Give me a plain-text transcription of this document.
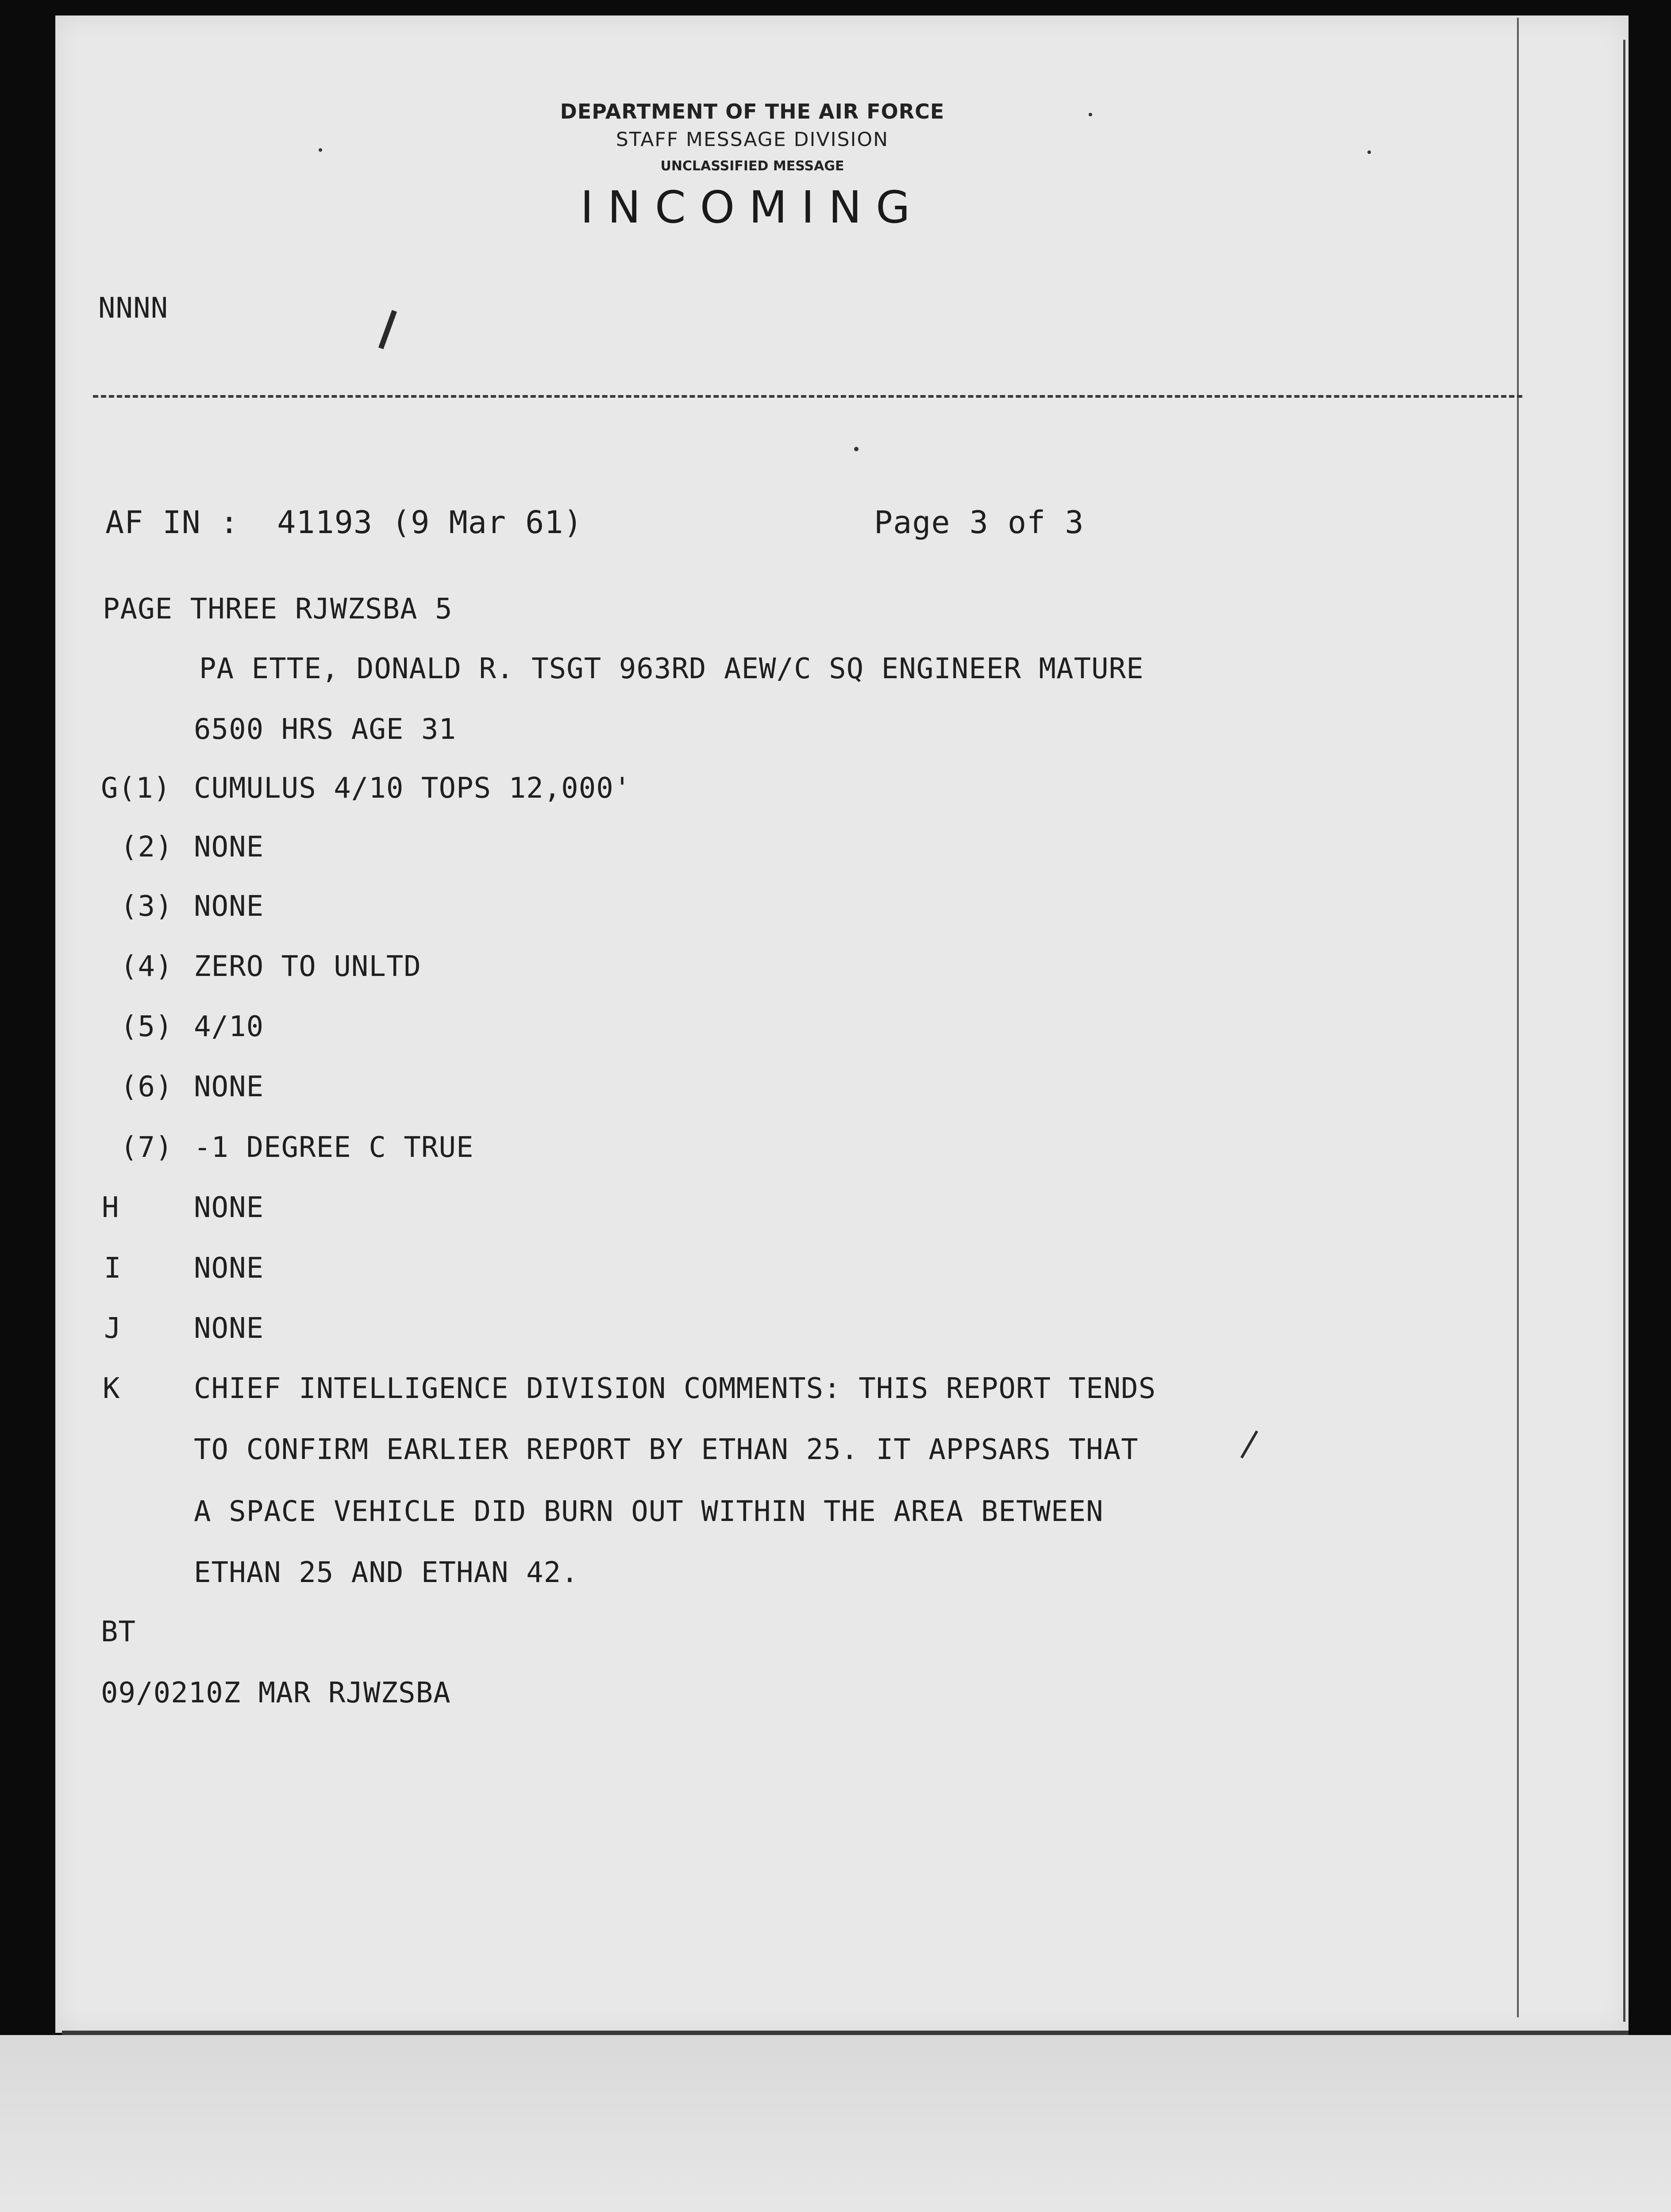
DEPARTMENT OF THE AIR FORCE
STAFF MESSAGE DIVISION
UNCLASSIFIED MESSAGE
INCOMING
NNNN
AF IN :  41193 (9 Mar 61)	Page 3 of 3
PAGE THREE RJWZSBA 5
PA ETTE, DONALD R. TSGT 963RD AEW/C SQ ENGINEER MATURE
6500 HRS AGE 31
G(1) CUMULUS 4/10 TOPS 12,000'
(2) NONE
(3) NONE
(4) ZERO TO UNLTD
(5) 4/10
(6) NONE
(7) -1 DEGREE C TRUE
H	NONE
I	NONE
J	NONE
K	CHIEF INTELLIGENCE DIVISION COMMENTS: THIS REPORT TENDS
TO CONFIRM EARLIER REPORT BY ETHAN 25. IT APPSARS THAT
A SPACE VEHICLE DID BURN OUT WITHIN THE AREA BETWEEN
ETHAN 25 AND ETHAN 42.
BT
09/0210Z MAR RJWZSBA
